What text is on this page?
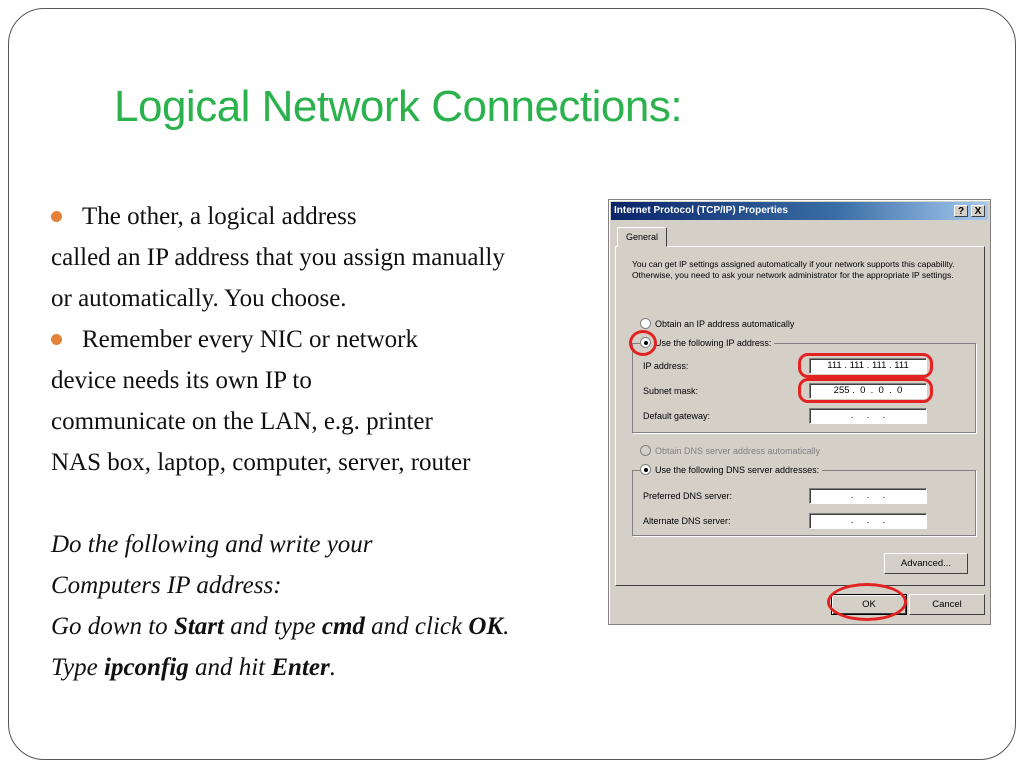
Logical Network Connections:
The other, a logical address
called an IP address that you assign manually
or automatically. You choose.
Remember every NIC or network
device needs its own IP to
communicate on the LAN, e.g. printer
NAS box, laptop, computer, server, router
Do the following and write your
Computers IP address:
Go down to Start and type cmd and click OK.
Type ipconfig and hit Enter.
Internet Protocol (TCP/IP) Properties	?	X
General
You can get IP settings assigned automatically if your network supports this capability. Otherwise, you need to ask your network administrator for the appropriate IP settings.
Obtain an IP address automatically
IP address:	111 . 111 . 111 . 111
Subnet mask:	255 .  0  .  0  .  0
Default gateway:	.     .     .
Use the following IP address:
Obtain DNS server address automatically
Preferred DNS server:	.     .     .
Alternate DNS server:	.     .     .
Use the following DNS server addresses:
Advanced...
OK	Cancel
